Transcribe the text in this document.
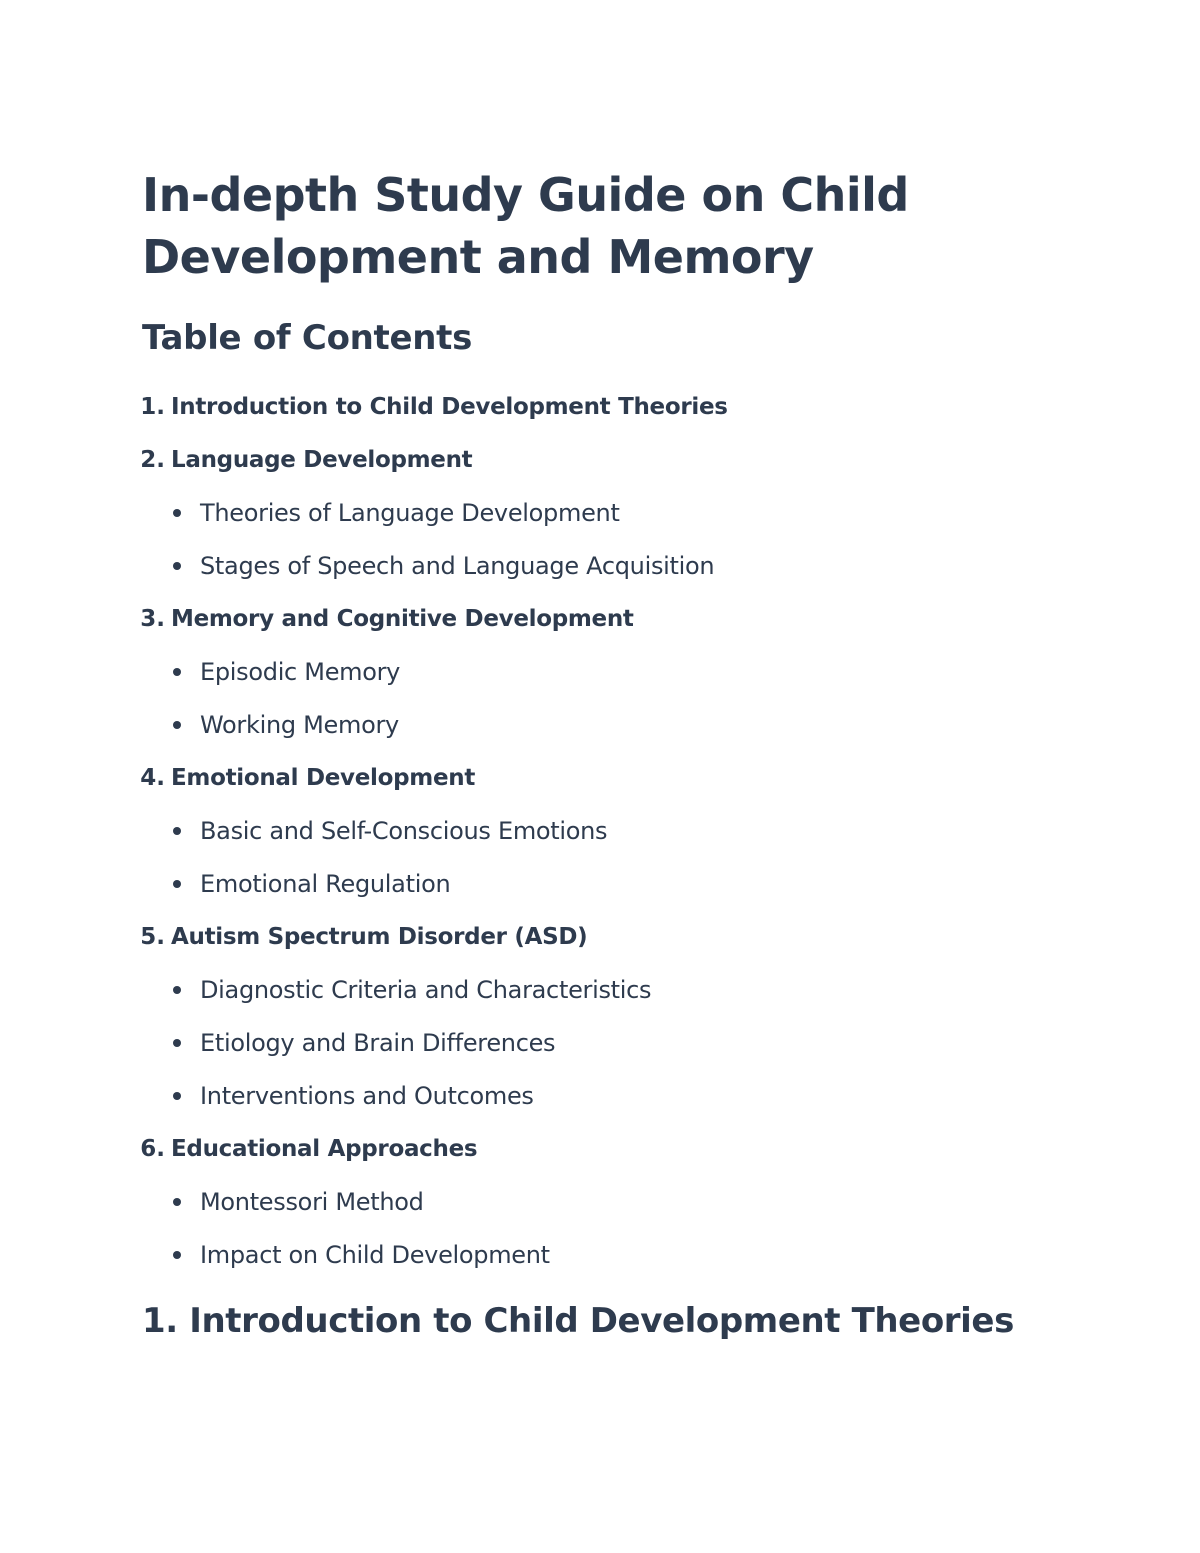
In-depth Study Guide on Child
Development and Memory
Table of Contents
1. Introduction to Child Development Theories
2. Language Development
Theories of Language Development
Stages of Speech and Language Acquisition
3. Memory and Cognitive Development
Episodic Memory
Working Memory
4. Emotional Development
Basic and Self-Conscious Emotions
Emotional Regulation
5. Autism Spectrum Disorder (ASD)
Diagnostic Criteria and Characteristics
Etiology and Brain Differences
Interventions and Outcomes
6. Educational Approaches
Montessori Method
Impact on Child Development
1. Introduction to Child Development Theories
